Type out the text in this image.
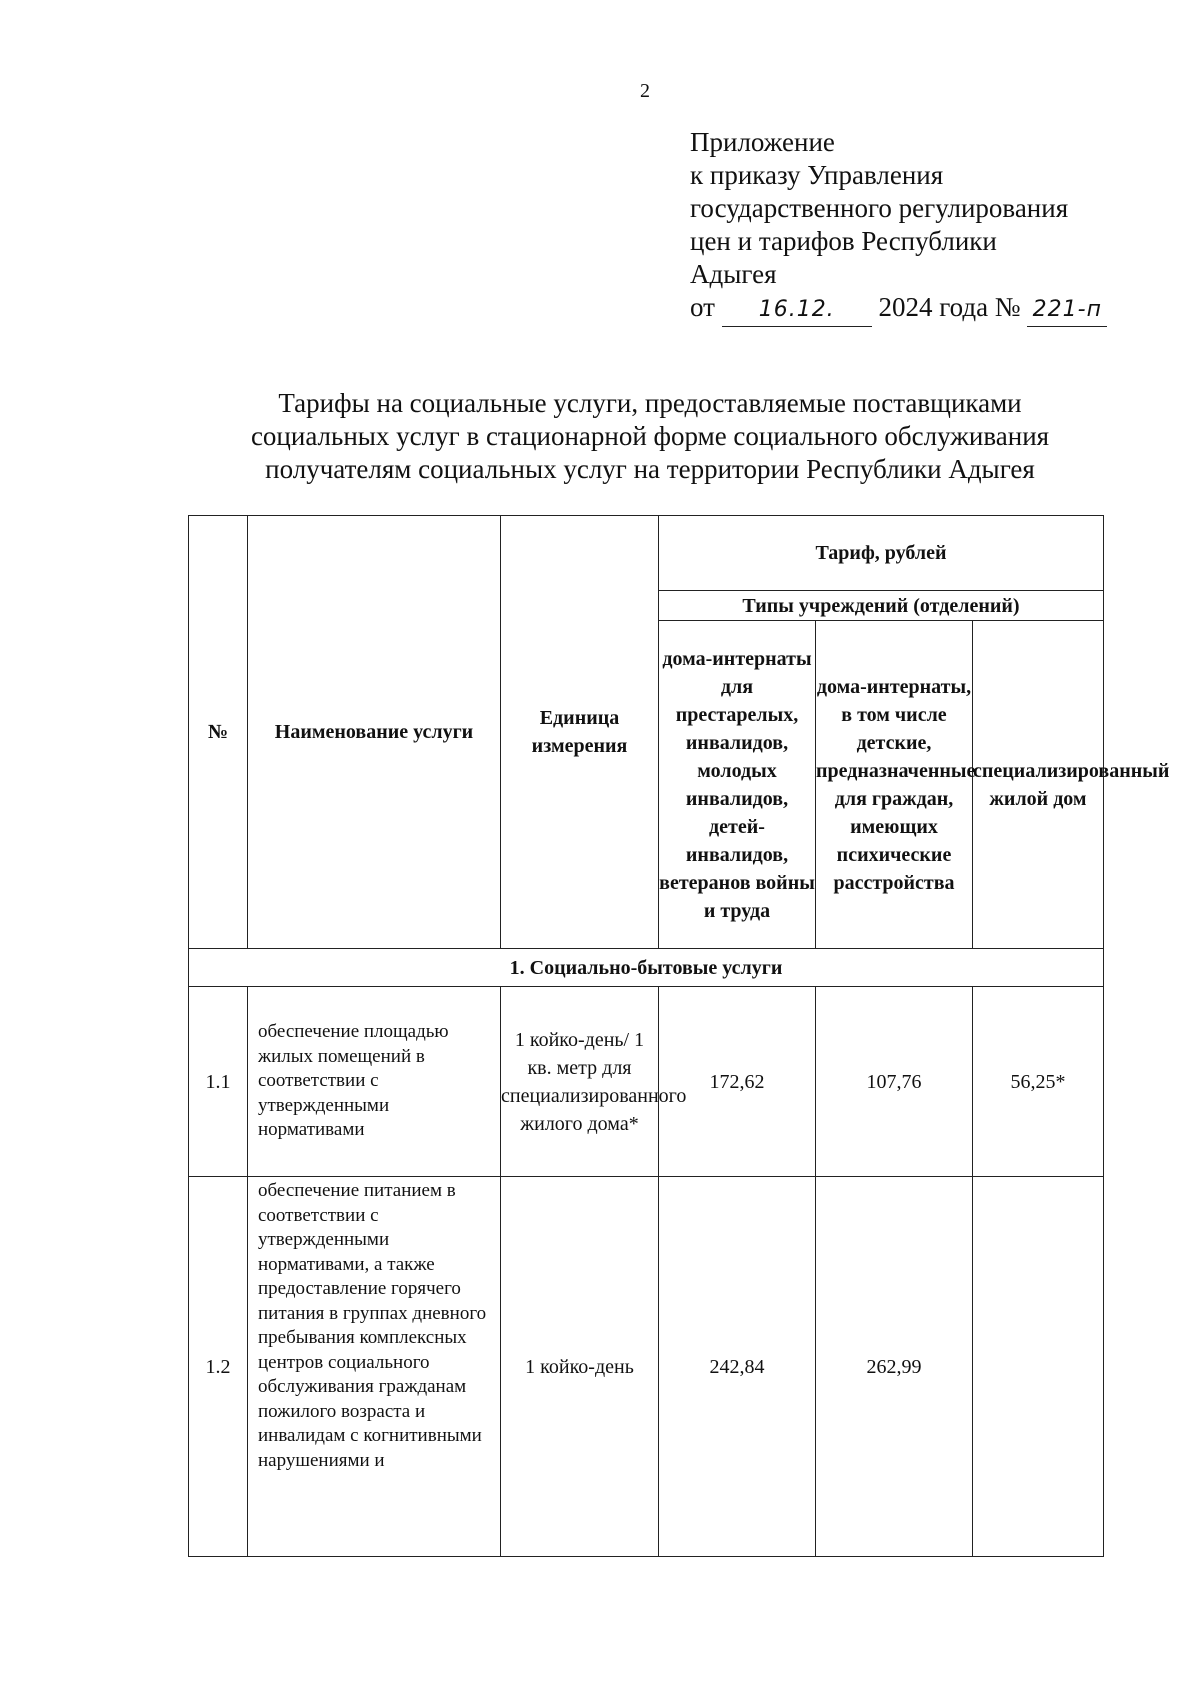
2
Приложение
к приказу Управления
государственного регулирования
цен и тарифов Республики
Адыгея
от 16.12. 2024 года № 221-п
Тарифы на социальные услуги, предоставляемые поставщиками
социальных услуг в стационарной форме социального обслуживания
получателям социальных услуг на территории Республики Адыгея
№	Наименование услуги	Единица измерения	Тариф, рублей		
			Типы учреждений (отделений)		
			дома-интернаты для престарелых, инвалидов, молодых инвалидов, детей-инвалидов, ветеранов войны и труда	дома-интернаты, в том числе детские, предназначенные для граждан, имеющих психические расстройства	специализированный жилой дом
1. Социально-бытовые услуги					
1.1	обеспечение площадью жилых помещений в соответствии с утвержденными нормативами	1 койко-день/ 1 кв. метр для специализированного жилого дома*	172,62	107,76	56,25*
1.2	обеспечение питанием в соответствии с утвержденными нормативами, а также предоставление горячего питания в группах дневного пребывания комплексных центров социального обслуживания гражданам пожилого возраста и инвалидам с когнитивными нарушениями и	1 койко-день	242,84	262,99	
